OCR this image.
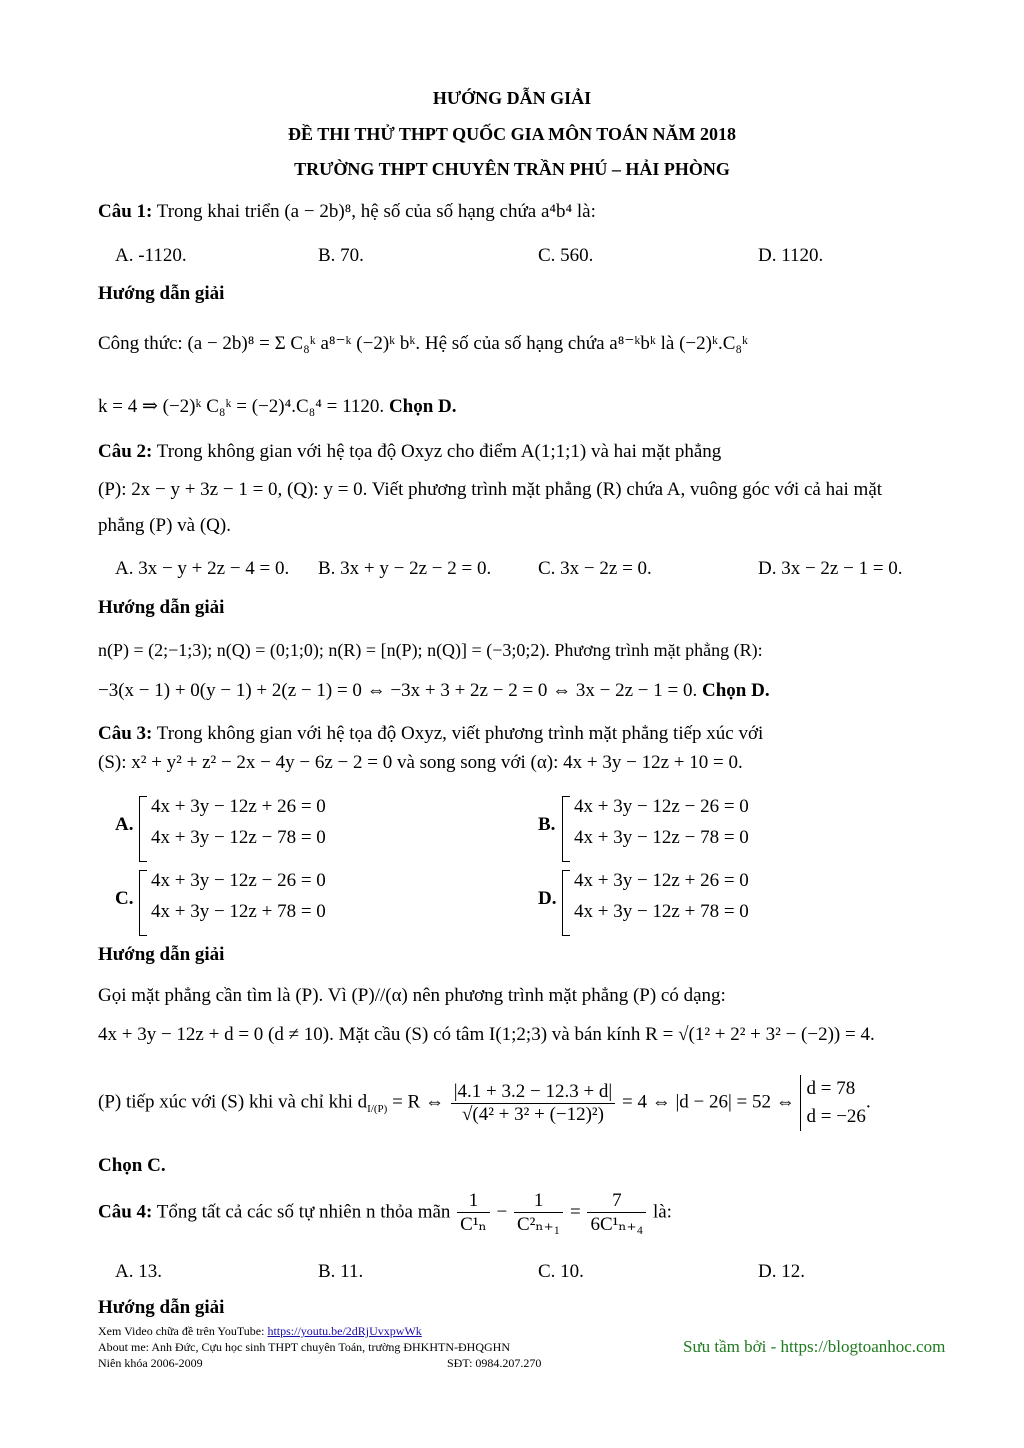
HƯỚNG DẪN GIẢI
ĐỀ THI THỬ THPT QUỐC GIA MÔN TOÁN NĂM 2018
TRƯỜNG THPT CHUYÊN TRẦN PHÚ – HẢI PHÒNG
Câu 1: Trong khai triển (a − 2b)⁸, hệ số của số hạng chứa a⁴b⁴ là:
A. -1120.	B. 70.	C. 560.	D. 1120.
Hướng dẫn giải
Công thức: (a − 2b)⁸ = Σ C₈ᵏ a⁸⁻ᵏ (−2)ᵏ bᵏ. Hệ số của số hạng chứa a⁸⁻ᵏbᵏ là (−2)ᵏ.C₈ᵏ
k = 4 ⇒ (−2)ᵏ C₈ᵏ = (−2)⁴.C₈⁴ = 1120. Chọn D.
Câu 2: Trong không gian với hệ tọa độ Oxyz cho điểm A(1;1;1) và hai mặt phẳng
(P): 2x − y + 3z − 1 = 0, (Q): y = 0. Viết phương trình mặt phẳng (R) chứa A, vuông góc với cả hai mặt
phẳng (P) và (Q).
A. 3x − y + 2z − 4 = 0. B. 3x + y − 2z − 2 = 0. C. 3x − 2z = 0.	D. 3x − 2z − 1 = 0.
Hướng dẫn giải
n(P) = (2;−1;3); n(Q) = (0;1;0); n(R) = [n(P); n(Q)] = (−3;0;2). Phương trình mặt phẳng (R):
−3(x − 1) + 0(y − 1) + 2(z − 1) = 0 ⇔ −3x + 3 + 2z − 2 = 0 ⇔ 3x − 2z − 1 = 0. Chọn D.
Câu 3: Trong không gian với hệ tọa độ Oxyz, viết phương trình mặt phẳng tiếp xúc với
(S): x² + y² + z² − 2x − 4y − 6z − 2 = 0 và song song với (α): 4x + 3y − 12z + 10 = 0.
A.
4x + 3y − 12z + 26 = 0
4x + 3y − 12z − 78 = 0
B.
4x + 3y − 12z − 26 = 0
4x + 3y − 12z − 78 = 0
C.
4x + 3y − 12z − 26 = 0
4x + 3y − 12z + 78 = 0
D.
4x + 3y − 12z + 26 = 0
4x + 3y − 12z + 78 = 0
Hướng dẫn giải
Gọi mặt phẳng cần tìm là (P). Vì (P)//(α) nên phương trình mặt phẳng (P) có dạng:
4x + 3y − 12z + d = 0 (d ≠ 10). Mặt cầu (S) có tâm I(1;2;3) và bán kính R = √(1² + 2² + 3² − (−2)) = 4.
(P) tiếp xúc với (S) khi và chỉ khi $d_{I/(P)} = R$ ⇔ $\frac{|4.1 + 3.2 - 12.3 + d|}{\text{√(4² + 3² + (−12)²)}} = 4$ ⇔ |d − 26| = 52 ⇔
d = 78
d = −26
.
Chọn C.
Câu 4: Tổng tất cả các số tự nhiên n thỏa mãn $\frac{1}{\text{C¹ₙ}} - \frac{1}{\text{C²ₙ₊₁}} = \frac{7}{\text{6C¹ₙ₊₄}}$ là:
A. 13.	B. 11.	C. 10.	D. 12.
Hướng dẫn giải
Xem Video chữa đề trên YouTube: https://youtu.be/2dRjUvxpwWk
About me: Anh Đức, Cựu học sinh THPT chuyên Toán, trường ĐHKHTN-ĐHQGHN
Niên khóa 2006-2009	SĐT: 0984.207.270
Sưu tầm bởi - https://blogtoanhoc.com
